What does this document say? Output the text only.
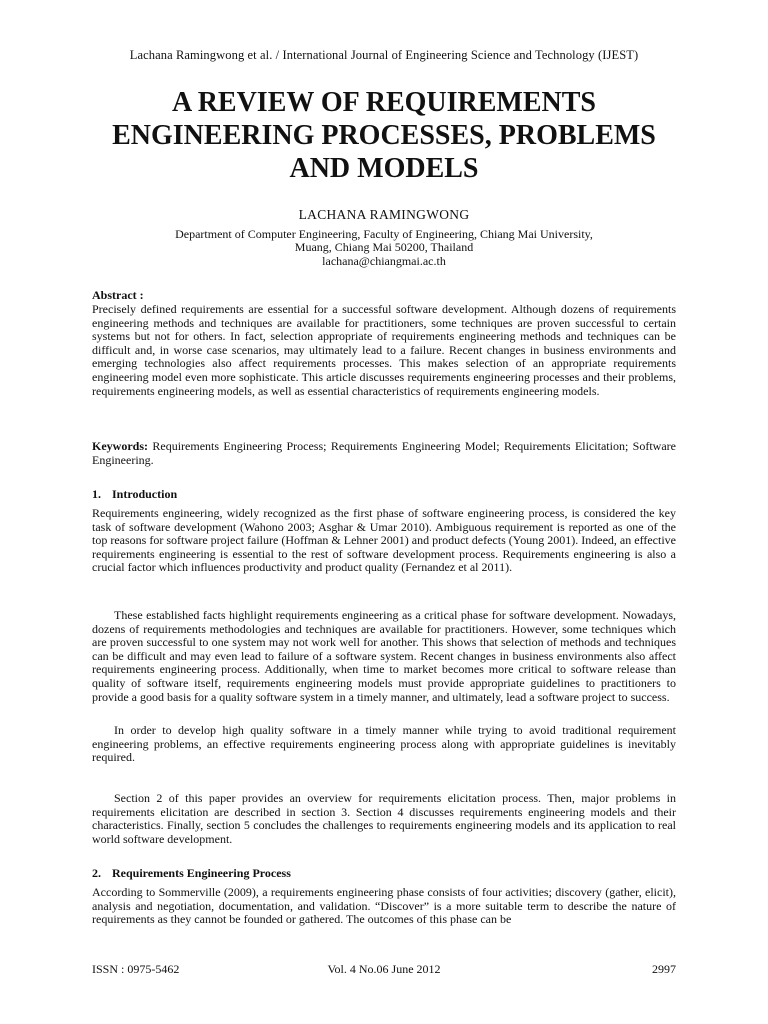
Lachana Ramingwong et al. / International Journal of Engineering Science and Technology (IJEST)
A REVIEW OF REQUIREMENTS ENGINEERING PROCESSES, PROBLEMS AND MODELS
LACHANA RAMINGWONG
Department of Computer Engineering, Faculty of Engineering, Chiang Mai University,
Muang, Chiang Mai 50200, Thailand
lachana@chiangmai.ac.th
Abstract :

Precisely defined requirements are essential for a successful software development. Although dozens of requirements engineering methods and techniques are available for practitioners, some techniques are proven successful to certain systems but not for others. In fact, selection appropriate of requirements engineering methods and techniques can be difficult and, in worse case scenarios, may ultimately lead to a failure. Recent changes in business environments and emerging technologies also affect requirements processes. This makes selection of an appropriate requirements engineering model even more sophisticate. This article discusses requirements engineering processes and their problems, requirements engineering models, as well as essential characteristics of requirements engineering models.

Keywords: Requirements Engineering Process; Requirements Engineering Model; Requirements Elicitation; Software Engineering.

1. Introduction

Requirements engineering, widely recognized as the first phase of software engineering process, is considered the key task of software development (Wahono 2003; Asghar & Umar 2010). Ambiguous requirement is reported as one of the top reasons for software project failure (Hoffman & Lehner 2001) and product defects (Young 2001). Indeed, an effective requirements engineering is essential to the rest of software development process. Requirements engineering is also a crucial factor which influences productivity and product quality (Fernandez et al 2011).

These established facts highlight requirements engineering as a critical phase for software development. Nowadays, dozens of requirements methodologies and techniques are available for practitioners. However, some techniques which are proven successful to one system may not work well for another. This shows that selection of methods and techniques can be difficult and may even lead to failure of a software system. Recent changes in business environments also affect requirements engineering process. Additionally, when time to market becomes more critical to software release than quality of software itself, requirements engineering models must provide appropriate guidelines to practitioners to provide a good basis for a quality software system in a timely manner, and ultimately, lead a software project to success.

In order to develop high quality software in a timely manner while trying to avoid traditional requirement engineering problems, an effective requirements engineering process along with appropriate guidelines is inevitably required.

Section 2 of this paper provides an overview for requirements elicitation process. Then, major problems in requirements elicitation are described in section 3. Section 4 discusses requirements engineering models and their characteristics. Finally, section 5 concludes the challenges to requirements engineering models and its application to real world software development.

2. Requirements Engineering Process

According to Sommerville (2009), a requirements engineering phase consists of four activities; discovery (gather, elicit), analysis and negotiation, documentation, and validation. “Discover” is a more suitable term to describe the nature of requirements as they cannot be founded or gathered. The outcomes of this phase can be

ISSN : 0975-5462	Vol. 4 No.06 June 2012	2997
